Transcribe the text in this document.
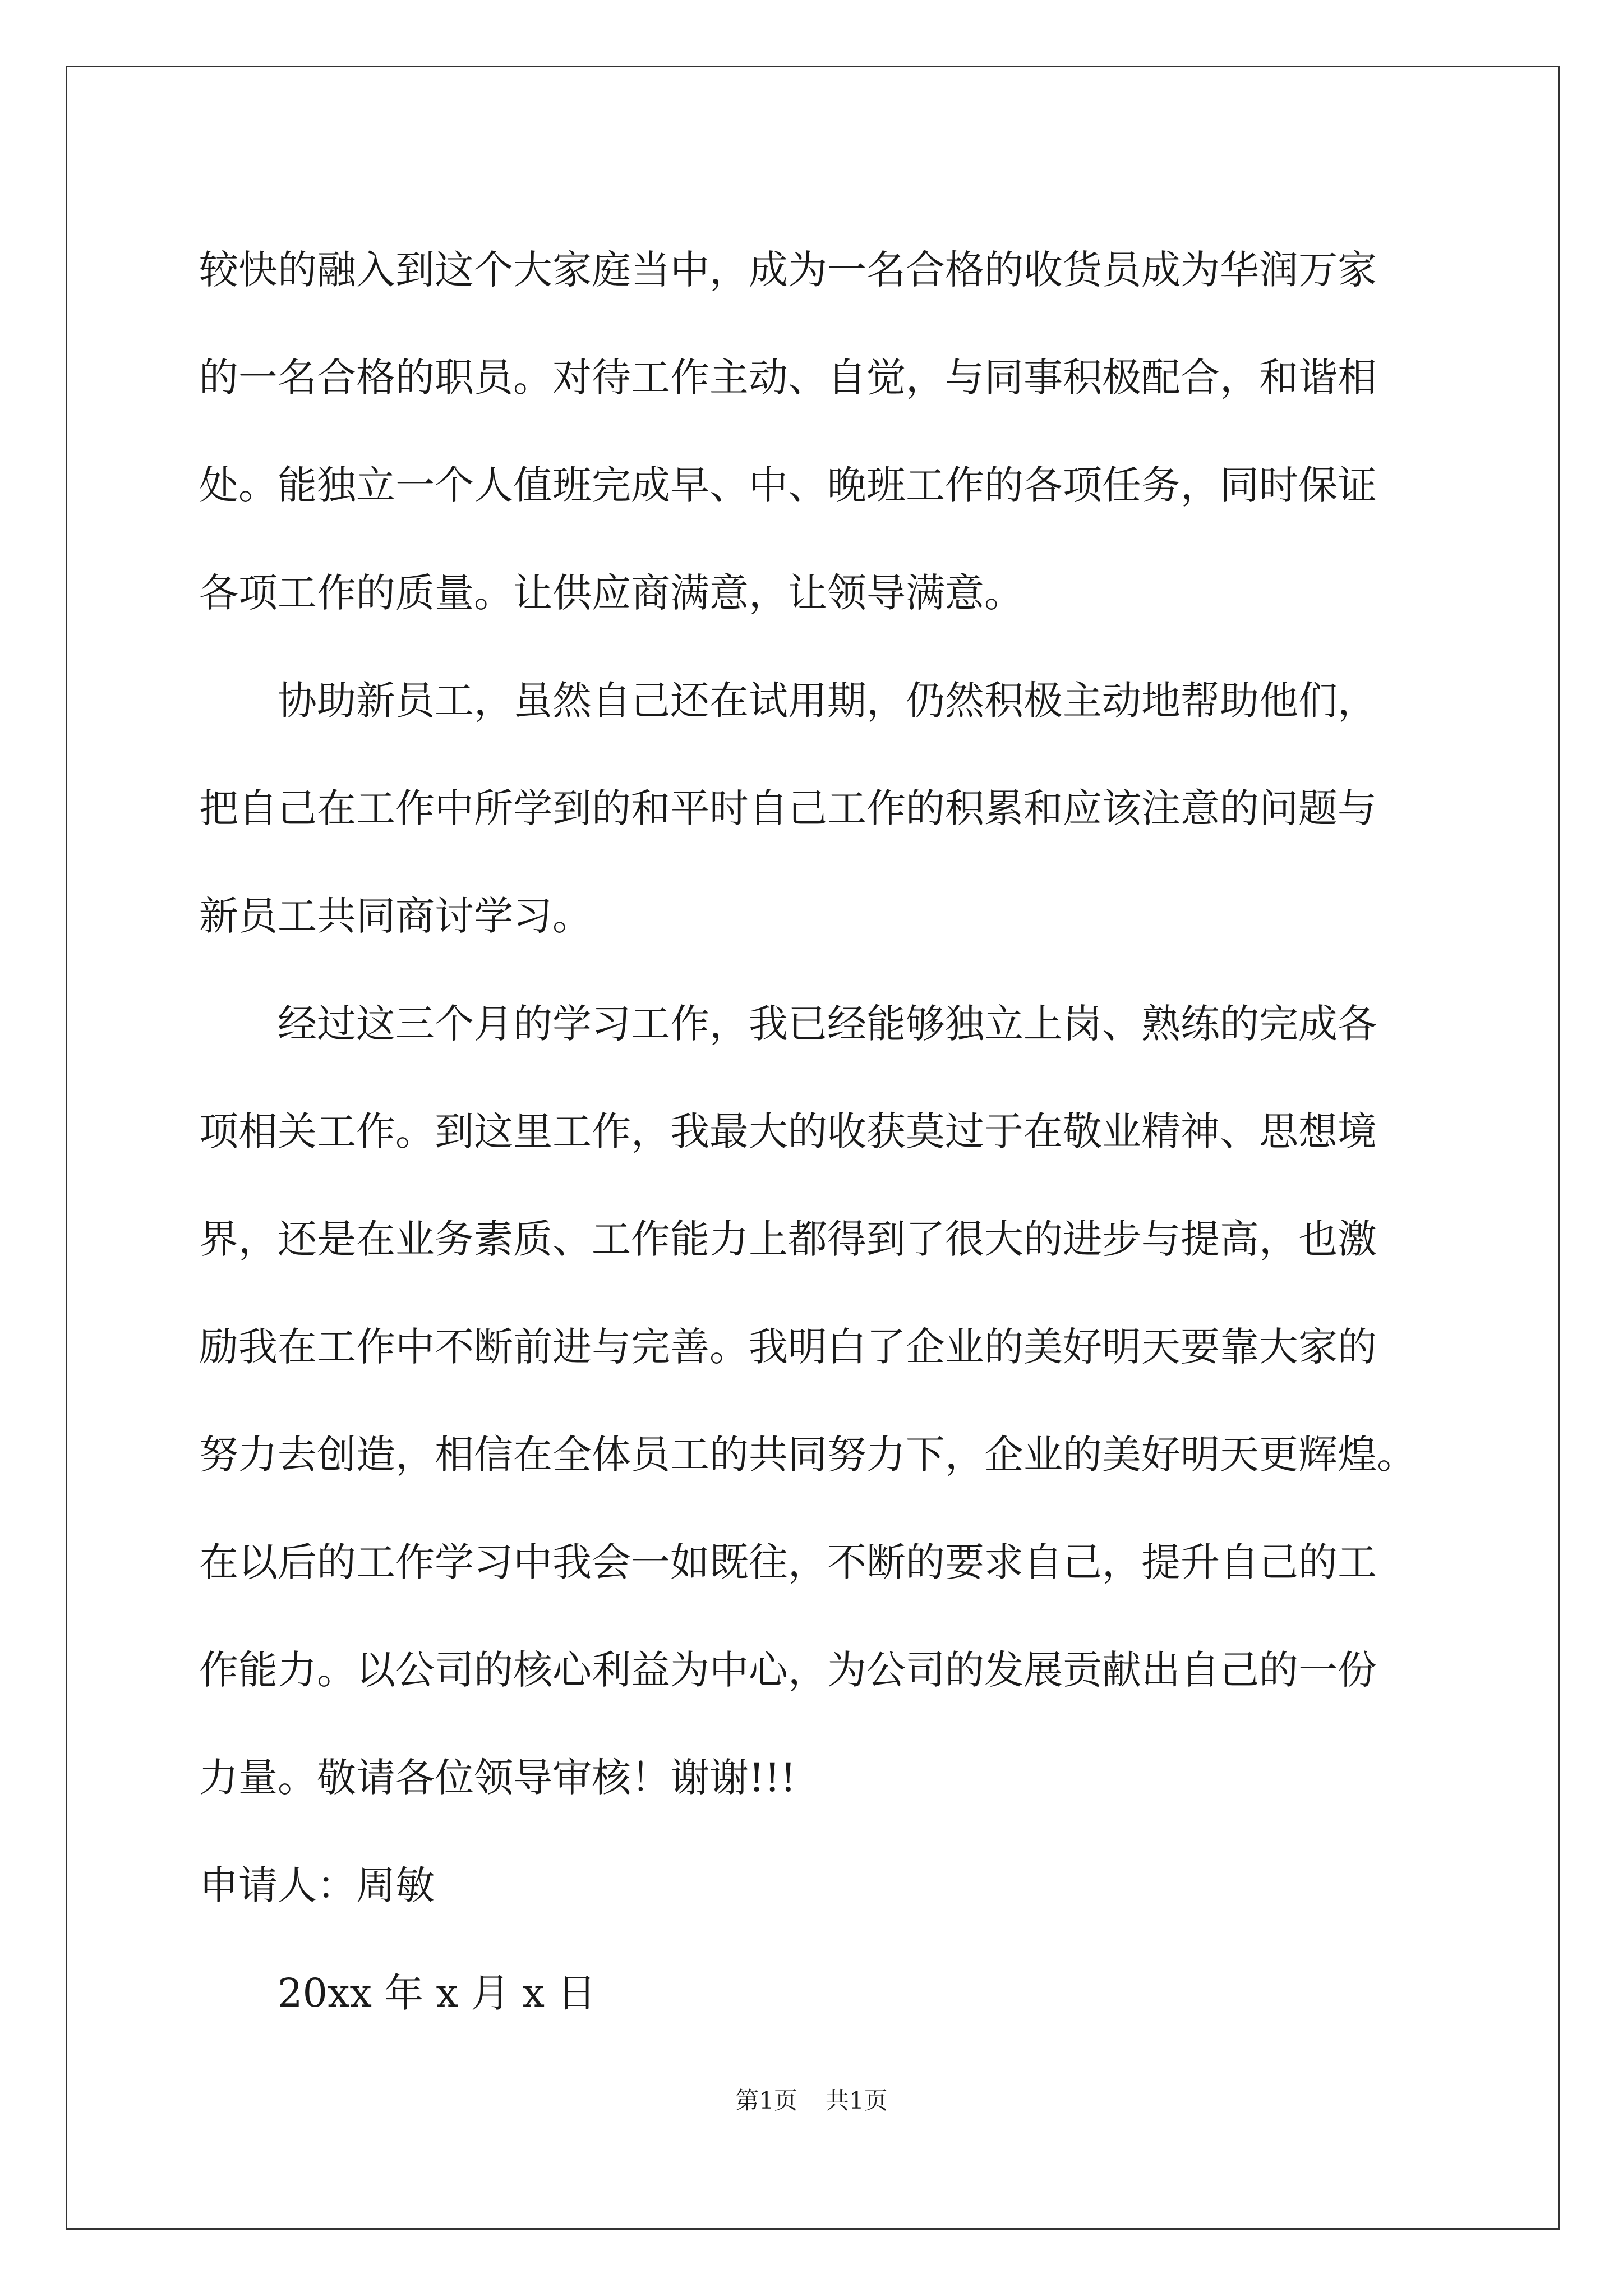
较快的融入到这个大家庭当中，成为一名合格的收货员成为华润万家
的一名合格的职员。对待工作主动、自觉，与同事积极配合，和谐相
处。能独立一个人值班完成早、中、晚班工作的各项任务，同时保证
各项工作的质量。让供应商满意，让领导满意。
协助新员工，虽然自己还在试用期，仍然积极主动地帮助他们，
把自己在工作中所学到的和平时自己工作的积累和应该注意的问题与
新员工共同商讨学习。
经过这三个月的学习工作，我已经能够独立上岗、熟练的完成各
项相关工作。到这里工作，我最大的收获莫过于在敬业精神、思想境
界，还是在业务素质、工作能力上都得到了很大的进步与提高，也激
励我在工作中不断前进与完善。我明白了企业的美好明天要靠大家的
努力去创造，相信在全体员工的共同努力下，企业的美好明天更辉煌。
在以后的工作学习中我会一如既往，不断的要求自己，提升自己的工
作能力。以公司的核心利益为中心，为公司的发展贡献出自己的一份
力量。敬请各位领导审核！谢谢!!!

申请人：周敏

20xx 年 x 月 x 日

第1页 共1页
